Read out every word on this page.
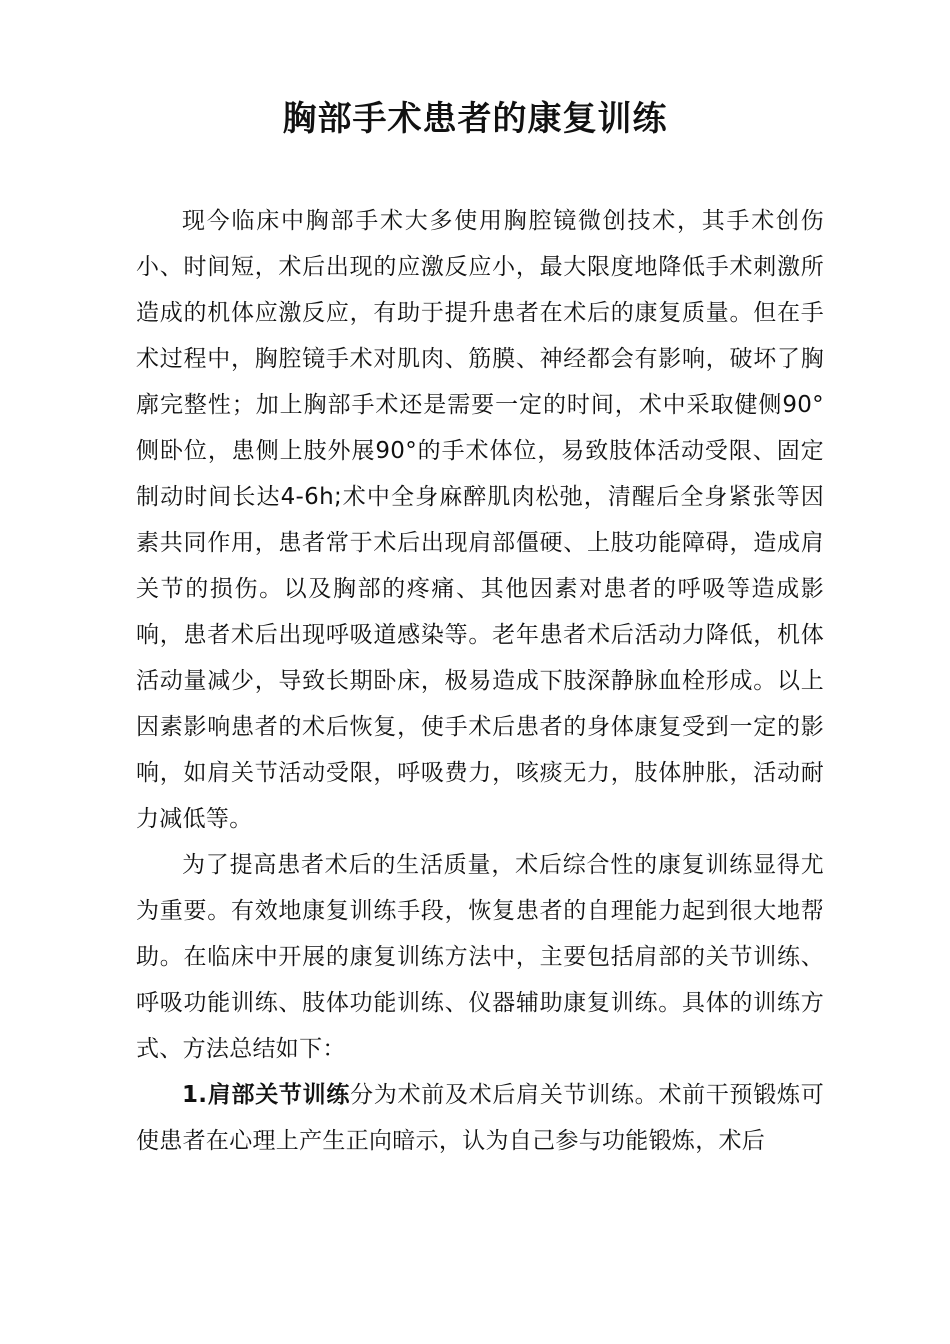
胸部手术患者的康复训练

现今临床中胸部手术大多使用胸腔镜微创技术，其手术创伤小、时间短，术后出现的应激反应小，最大限度地降低手术刺激所造成的机体应激反应，有助于提升患者在术后的康复质量。但在手术过程中，胸腔镜手术对肌肉、筋膜、神经都会有影响，破坏了胸廓完整性；加上胸部手术还是需要一定的时间，术中采取健侧90°侧卧位，患侧上肢外展90°的手术体位，易致肢体活动受限、固定制动时间长达4-6h;术中全身麻醉肌肉松弛，清醒后全身紧张等因素共同作用，患者常于术后出现肩部僵硬、上肢功能障碍，造成肩关节的损伤。以及胸部的疼痛、其他因素对患者的呼吸等造成影响，患者术后出现呼吸道感染等。老年患者术后活动力降低，机体活动量减少，导致长期卧床，极易造成下肢深静脉血栓形成。以上因素影响患者的术后恢复，使手术后患者的身体康复受到一定的影响，如肩关节活动受限，呼吸费力，咳痰无力，肢体肿胀，活动耐力减低等。

为了提高患者术后的生活质量，术后综合性的康复训练显得尤为重要。有效地康复训练手段，恢复患者的自理能力起到很大地帮助。在临床中开展的康复训练方法中，主要包括肩部的关节训练、呼吸功能训练、肢体功能训练、仪器辅助康复训练。具体的训练方式、方法总结如下：

1.肩部关节训练分为术前及术后肩关节训练。术前干预锻炼可使患者在心理上产生正向暗示，认为自己参与功能锻炼，术后
